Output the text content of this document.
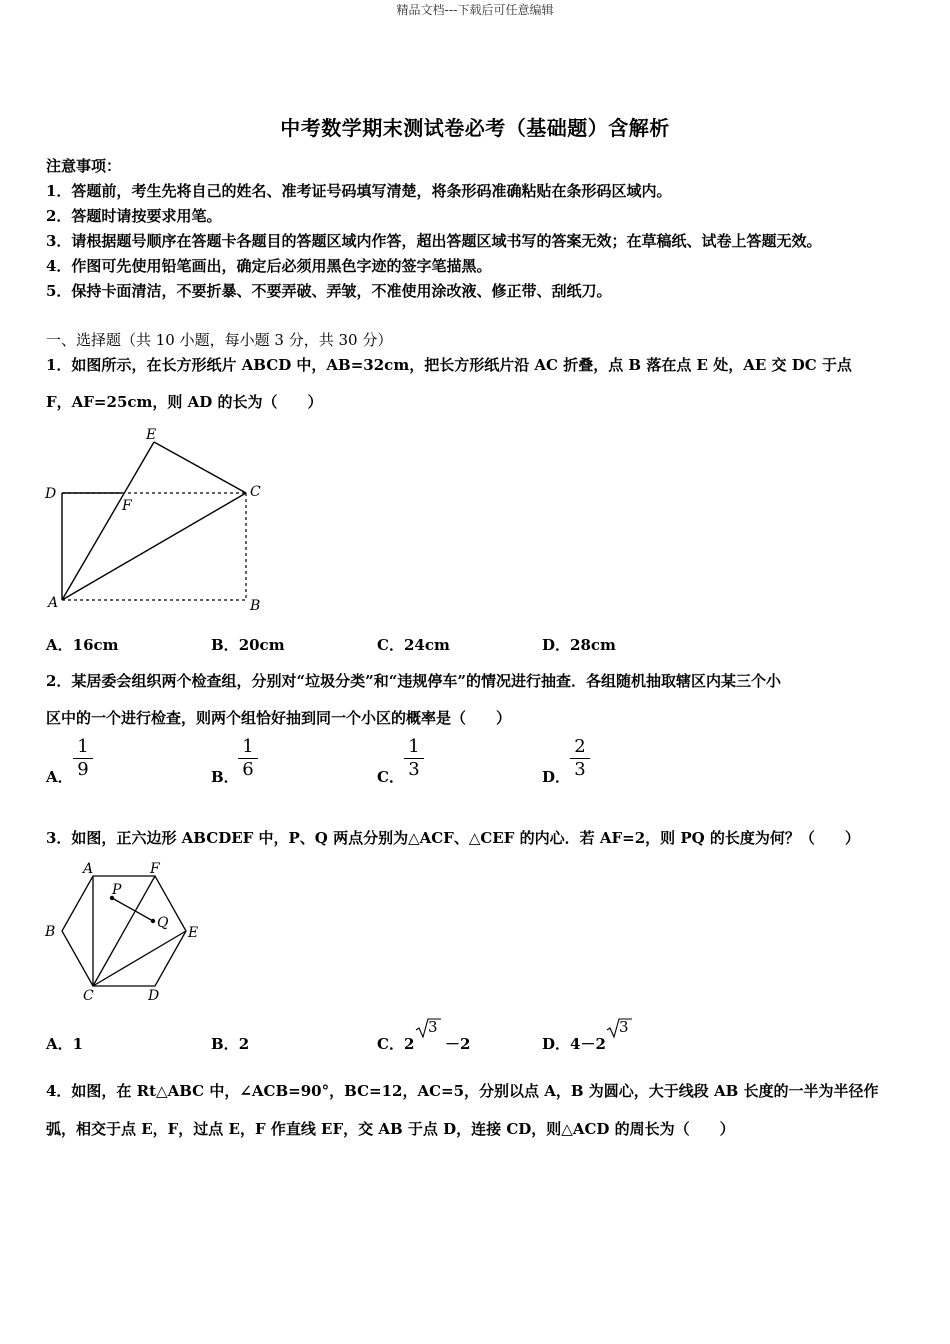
精品文档---下载后可任意编辑
中考数学期末测试卷必考（基础题）含解析
注意事项：
1．答题前，考生先将自己的姓名、准考证号码填写清楚，将条形码准确粘贴在条形码区域内。
2．答题时请按要求用笔。
3．请根据题号顺序在答题卡各题目的答题区域内作答，超出答题区域书写的答案无效；在草稿纸、试卷上答题无效。
4．作图可先使用铅笔画出，确定后必须用黑色字迹的签字笔描黑。
5．保持卡面清洁，不要折暴、不要弄破、弄皱，不准使用涂改液、修正带、刮纸刀。
一、选择题（共 10 小题，每小题 3 分，共 30 分）
1．如图所示，在长方形纸片 ABCD 中，AB=32cm，把长方形纸片沿 AC 折叠，点 B 落在点 E 处，AE 交 DC 于点
F，AF=25cm，则 AD 的长为（　　）
E
D	C
F
A	B
A．16cm	B．20cm	C．24cm	D．28cm
2．某居委会组织两个检查组，分别对“垃圾分类”和“违规停车”的情况进行抽查．各组随机抽取辖区内某三个小
区中的一个进行检查，则两个组恰好抽到同一个小区的概率是（　　）
A． $\frac{1}{9}$	B． $\frac{1}{6}$	C． $\frac{1}{3}$	D． $\frac{2}{3}$
3．如图，正六边形 ABCDEF 中，P、Q 两点分别为△ACF、△CEF 的内心．若 AF=2，则 PQ 的长度为何？（　　）
A	F
P
B
Q
E
C	D
A．1	B．2	C．2
3
－2	D．4－2
3
4．如图，在 Rt△ABC 中，∠ACB=90°，BC=12，AC=5，分别以点 A，B 为圆心，大于线段 AB 长度的一半为半径作
弧，相交于点 E，F，过点 E，F 作直线 EF，交 AB 于点 D，连接 CD，则△ACD 的周长为（　　）
